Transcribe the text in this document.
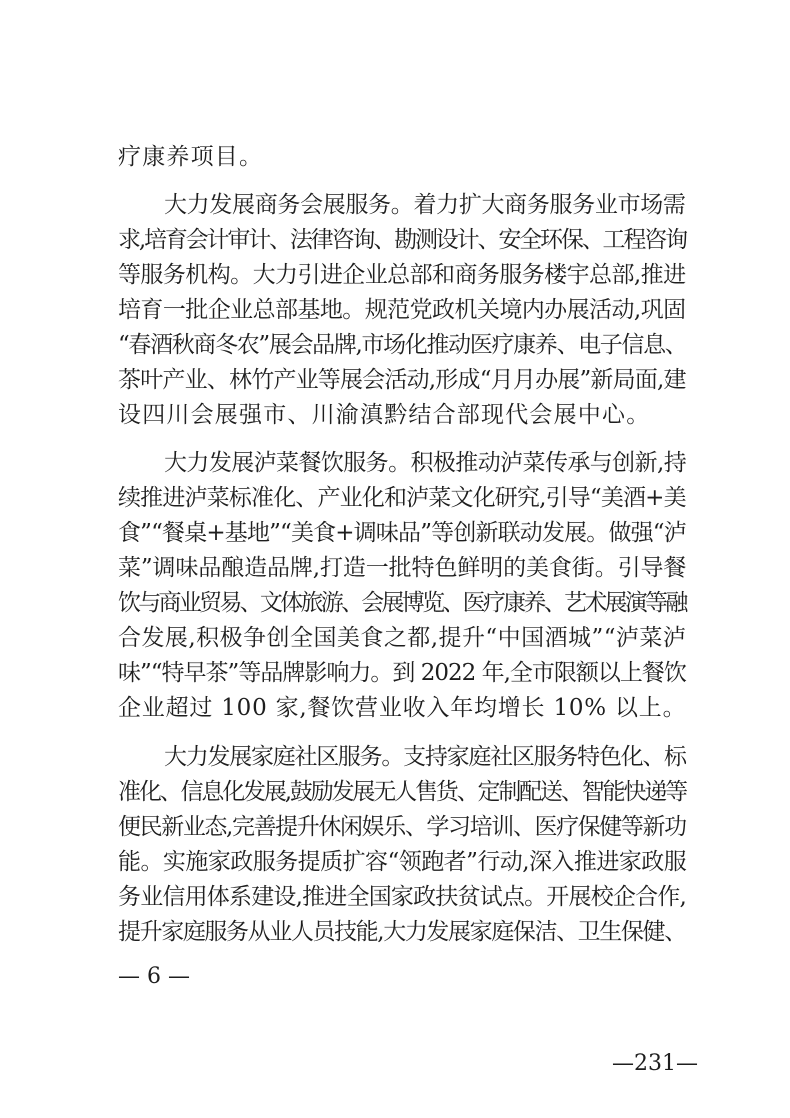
疗康养项目。
大力发展商务会展服务。着力扩大商务服务业市场需
求,培育会计审计、法律咨询、勘测设计、安全环保、工程咨询
等服务机构。大力引进企业总部和商务服务楼宇总部,推进
培育一批企业总部基地。规范党政机关境内办展活动,巩固
“春酒秋商冬农”展会品牌,市场化推动医疗康养、电子信息、
茶叶产业、林竹产业等展会活动,形成“月月办展”新局面,建
设四川会展强市、川渝滇黔结合部现代会展中心。
大力发展泸菜餐饮服务。积极推动泸菜传承与创新,持
续推进泸菜标准化、产业化和泸菜文化研究,引导“美酒+美
食”“餐桌+基地”“美食+调味品”等创新联动发展。做强“泸
菜”调味品酿造品牌,打造一批特色鲜明的美食街。引导餐
饮与商业贸易、文体旅游、会展博览、医疗康养、艺术展演等融
合发展,积极争创全国美食之都,提升“中国酒城”“泸菜泸
味”“特早茶”等品牌影响力。到 2022 年,全市限额以上餐饮
企业超过 100 家,餐饮营业收入年均增长 10% 以上。
大力发展家庭社区服务。支持家庭社区服务特色化、标
准化、信息化发展,鼓励发展无人售货、定制配送、智能快递等
便民新业态,完善提升休闲娱乐、学习培训、医疗保健等新功
能。实施家政服务提质扩容“领跑者”行动,深入推进家政服
务业信用体系建设,推进全国家政扶贫试点。开展校企合作,
提升家庭服务从业人员技能,大力发展家庭保洁、卫生保健、
— 6 —
—231—
